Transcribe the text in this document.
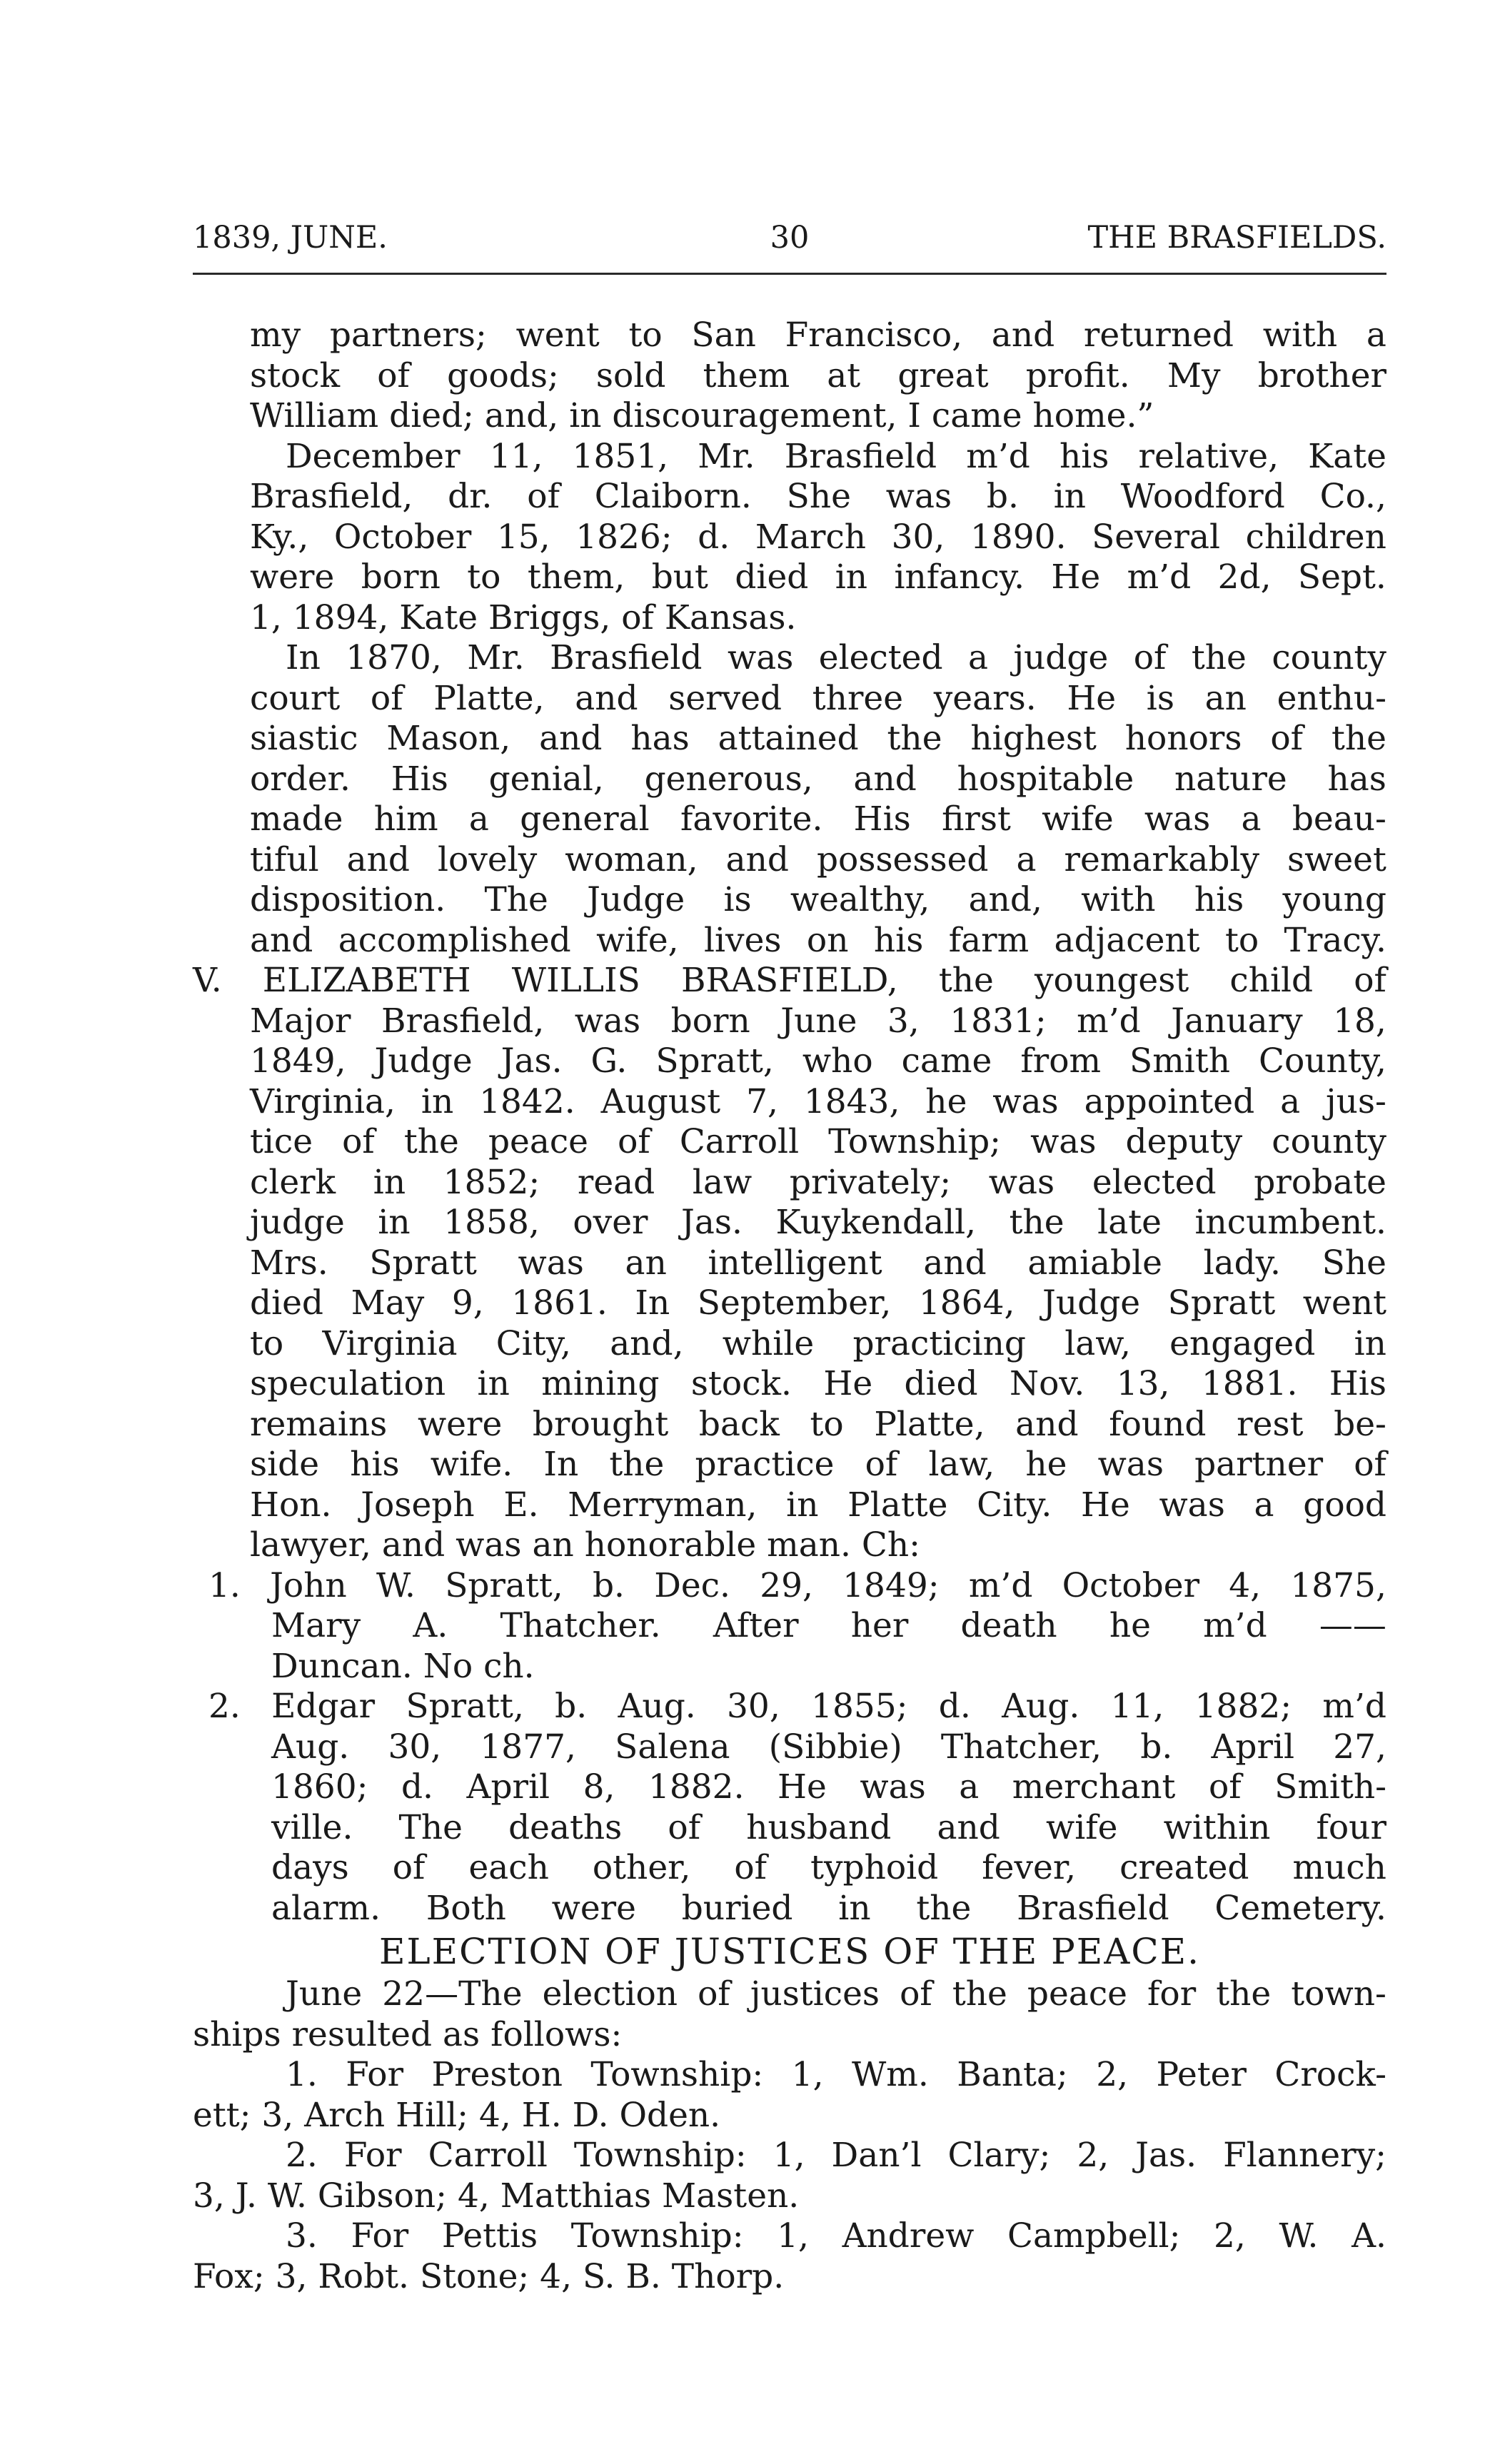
1839, JUNE.	30	THE BRASFIELDS.
my partners; went to San Francisco, and returned with a
stock of goods; sold them at great profit. My brother
William died; and, in discouragement, I came home.”
December 11, 1851, Mr. Brasfield m’d his relative, Kate
Brasfield, dr. of Claiborn. She was b. in Woodford Co.,
Ky., October 15, 1826; d. March 30, 1890. Several children
were born to them, but died in infancy. He m’d 2d, Sept.
1, 1894, Kate Briggs, of Kansas.
In 1870, Mr. Brasfield was elected a judge of the county
court of Platte, and served three years. He is an enthu-
siastic Mason, and has attained the highest honors of the
order. His genial, generous, and hospitable nature has
made him a general favorite. His first wife was a beau-
tiful and lovely woman, and possessed a remarkably sweet
disposition. The Judge is wealthy, and, with his young
and accomplished wife, lives on his farm adjacent to Tracy.
V. ELIZABETH WILLIS BRASFIELD, the youngest child of
Major Brasfield, was born June 3, 1831; m’d January 18,
1849, Judge Jas. G. Spratt, who came from Smith County,
Virginia, in 1842. August 7, 1843, he was appointed a jus-
tice of the peace of Carroll Township; was deputy county
clerk in 1852; read law privately; was elected probate
judge in 1858, over Jas. Kuykendall, the late incumbent.
Mrs. Spratt was an intelligent and amiable lady. She
died May 9, 1861. In September, 1864, Judge Spratt went
to Virginia City, and, while practicing law, engaged in
speculation in mining stock. He died Nov. 13, 1881. His
remains were brought back to Platte, and found rest be-
side his wife. In the practice of law, he was partner of
Hon. Joseph E. Merryman, in Platte City. He was a good
lawyer, and was an honorable man. Ch:
1. John W. Spratt, b. Dec. 29, 1849; m’d October 4, 1875,
Mary A. Thatcher. After her death he m’d ——
Duncan. No ch.
2. Edgar Spratt, b. Aug. 30, 1855; d. Aug. 11, 1882; m’d
Aug. 30, 1877, Salena (Sibbie) Thatcher, b. April 27,
1860; d. April 8, 1882. He was a merchant of Smith-
ville. The deaths of husband and wife within four
days of each other, of typhoid fever, created much
alarm. Both were buried in the Brasfield Cemetery.
ELECTION OF JUSTICES OF THE PEACE.
June 22—The election of justices of the peace for the town-
ships resulted as follows:
1. For Preston Township: 1, Wm. Banta; 2, Peter Crock-
ett; 3, Arch Hill; 4, H. D. Oden.
2. For Carroll Township: 1, Dan’l Clary; 2, Jas. Flannery;
3, J. W. Gibson; 4, Matthias Masten.
3. For Pettis Township: 1, Andrew Campbell; 2, W. A.
Fox; 3, Robt. Stone; 4, S. B. Thorp.
